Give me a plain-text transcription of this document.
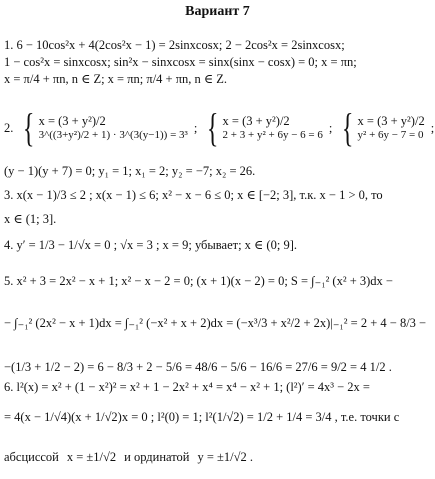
Вариант 7
1. 6 − 10cos²x + 4(2cos²x − 1) = 2sinxcosx; 2 − 2cos²x = 2sinxcosx;
1 − cos²x = sinxcosx; sin²x − sinxcosx = sinx(sinx − cosx) = 0; x = πn;
x = π/4 + πn, n ∈ Z; x = πn; π/4 + πn, n ∈ Z.
2. { x = (3 + y²)/2
3^((3+y²)/2 + 1) · 3^(3(y−1)) = 3³
; { x = (3 + y²)/2
2 + 3 + y² + 6y − 6 = 6
; { x = (3 + y²)/2
y² + 6y − 7 = 0
;
(y − 1)(y + 7) = 0; y₁ = 1; x₁ = 2; y₂ = −7; x₂ = 26.
3. x(x − 1)/3 ≤ 2 ; x(x − 1) ≤ 6; x² − x − 6 ≤ 0; x ∈ [−2; 3], т.к. x − 1 > 0, то
x ∈ (1; 3].
4. y′ = 1/3 − 1/√x = 0 ; √x = 3 ; x = 9; убывает; x ∈ (0; 9].
5. x² + 3 = 2x² − x + 1; x² − x − 2 = 0; (x + 1)(x − 2) = 0; S = ∫₋₁² (x² + 3)dx −
− ∫₋₁² (2x² − x + 1)dx = ∫₋₁² (−x² + x + 2)dx = (−x³/3 + x²/2 + 2x)|₋₁² = 2 + 4 − 8/3 −
−(1/3 + 1/2 − 2) = 6 − 8/3 + 2 − 5/6 = 48/6 − 5/6 − 16/6 = 27/6 = 9/2 = 4 1/2 .
6. l²(x) = x² + (1 − x²)² = x² + 1 − 2x² + x⁴ = x⁴ − x² + 1; (l²)′ = 4x³ − 2x =
= 4(x − 1/√4)(x + 1/√2)x = 0 ; l²(0) = 1; l²(1/√2) = 1/2 + 1/4 = 3/4 , т.е. точки с
абсциссой x = ±1/√2 и ординатой y = ±1/√2 .
